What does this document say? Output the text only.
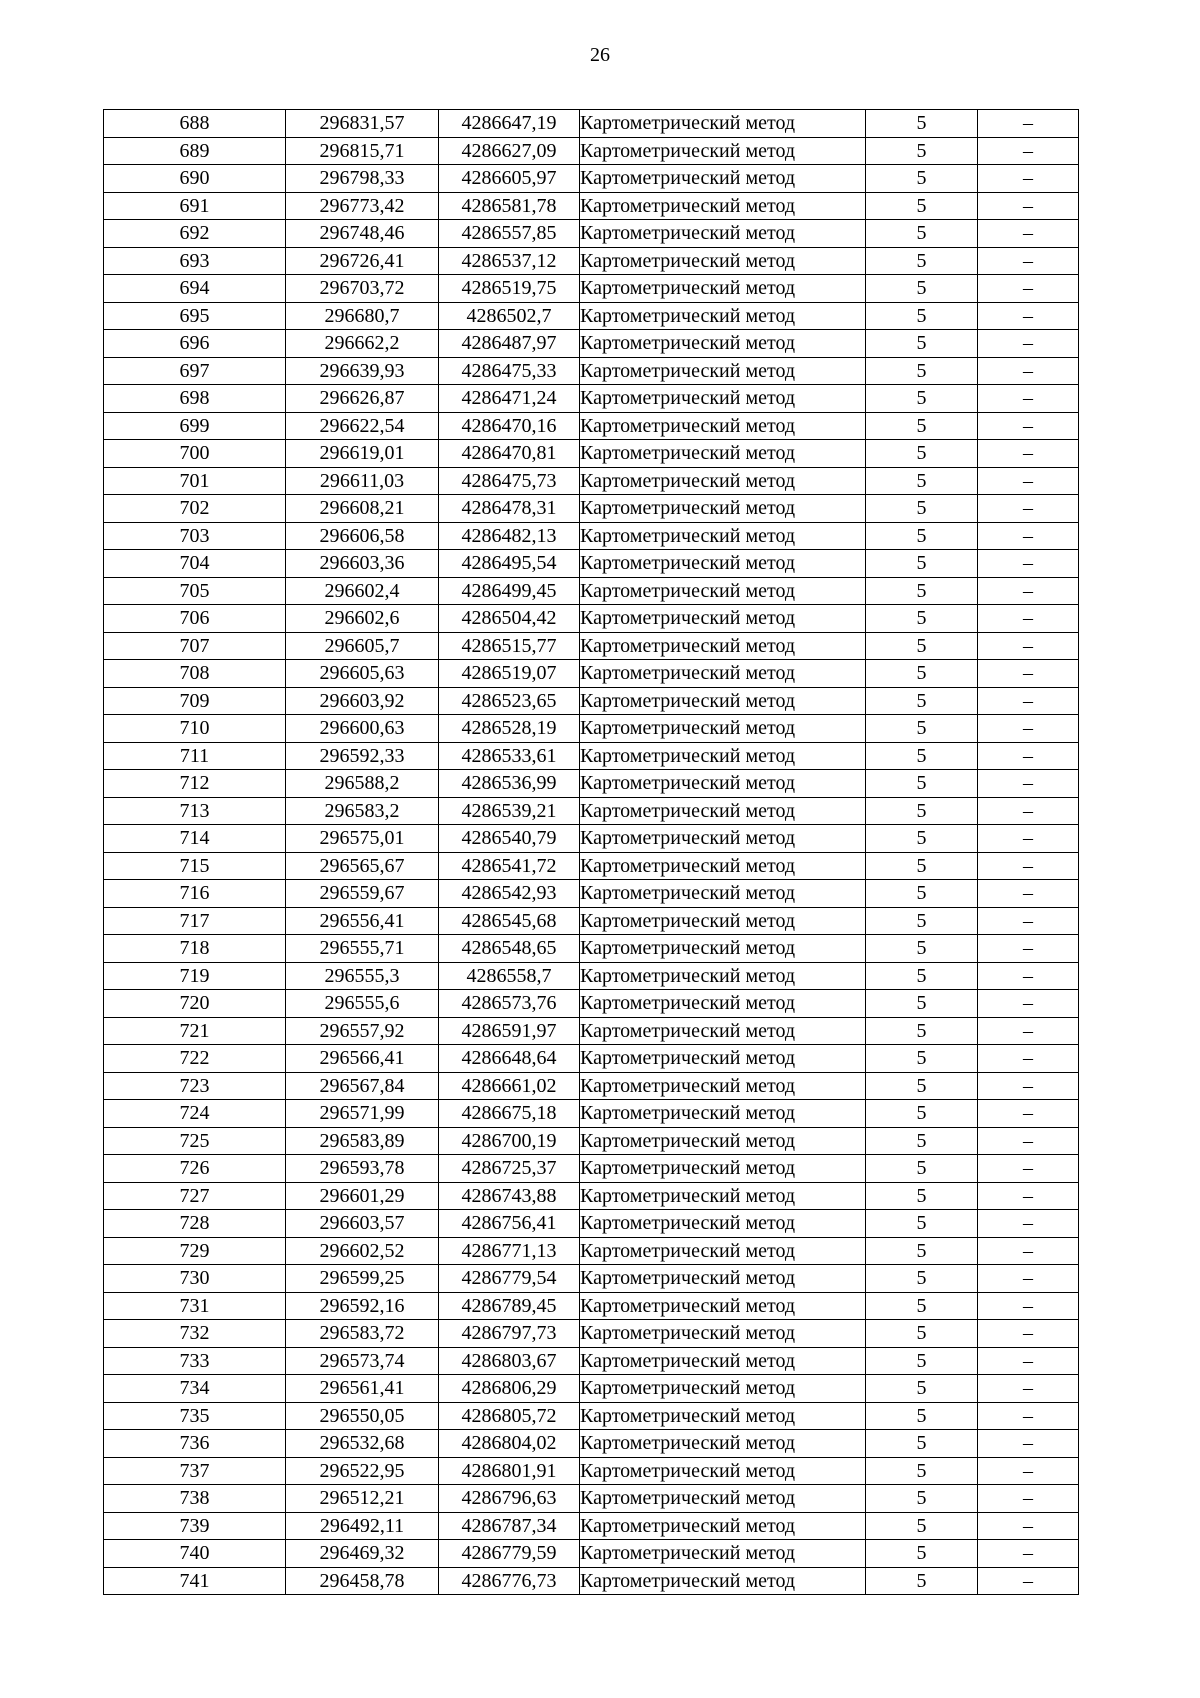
26
688	296831,57	4286647,19	Картометрический метод	5	–
689	296815,71	4286627,09	Картометрический метод	5	–
690	296798,33	4286605,97	Картометрический метод	5	–
691	296773,42	4286581,78	Картометрический метод	5	–
692	296748,46	4286557,85	Картометрический метод	5	–
693	296726,41	4286537,12	Картометрический метод	5	–
694	296703,72	4286519,75	Картометрический метод	5	–
695	296680,7	4286502,7	Картометрический метод	5	–
696	296662,2	4286487,97	Картометрический метод	5	–
697	296639,93	4286475,33	Картометрический метод	5	–
698	296626,87	4286471,24	Картометрический метод	5	–
699	296622,54	4286470,16	Картометрический метод	5	–
700	296619,01	4286470,81	Картометрический метод	5	–
701	296611,03	4286475,73	Картометрический метод	5	–
702	296608,21	4286478,31	Картометрический метод	5	–
703	296606,58	4286482,13	Картометрический метод	5	–
704	296603,36	4286495,54	Картометрический метод	5	–
705	296602,4	4286499,45	Картометрический метод	5	–
706	296602,6	4286504,42	Картометрический метод	5	–
707	296605,7	4286515,77	Картометрический метод	5	–
708	296605,63	4286519,07	Картометрический метод	5	–
709	296603,92	4286523,65	Картометрический метод	5	–
710	296600,63	4286528,19	Картометрический метод	5	–
711	296592,33	4286533,61	Картометрический метод	5	–
712	296588,2	4286536,99	Картометрический метод	5	–
713	296583,2	4286539,21	Картометрический метод	5	–
714	296575,01	4286540,79	Картометрический метод	5	–
715	296565,67	4286541,72	Картометрический метод	5	–
716	296559,67	4286542,93	Картометрический метод	5	–
717	296556,41	4286545,68	Картометрический метод	5	–
718	296555,71	4286548,65	Картометрический метод	5	–
719	296555,3	4286558,7	Картометрический метод	5	–
720	296555,6	4286573,76	Картометрический метод	5	–
721	296557,92	4286591,97	Картометрический метод	5	–
722	296566,41	4286648,64	Картометрический метод	5	–
723	296567,84	4286661,02	Картометрический метод	5	–
724	296571,99	4286675,18	Картометрический метод	5	–
725	296583,89	4286700,19	Картометрический метод	5	–
726	296593,78	4286725,37	Картометрический метод	5	–
727	296601,29	4286743,88	Картометрический метод	5	–
728	296603,57	4286756,41	Картометрический метод	5	–
729	296602,52	4286771,13	Картометрический метод	5	–
730	296599,25	4286779,54	Картометрический метод	5	–
731	296592,16	4286789,45	Картометрический метод	5	–
732	296583,72	4286797,73	Картометрический метод	5	–
733	296573,74	4286803,67	Картометрический метод	5	–
734	296561,41	4286806,29	Картометрический метод	5	–
735	296550,05	4286805,72	Картометрический метод	5	–
736	296532,68	4286804,02	Картометрический метод	5	–
737	296522,95	4286801,91	Картометрический метод	5	–
738	296512,21	4286796,63	Картометрический метод	5	–
739	296492,11	4286787,34	Картометрический метод	5	–
740	296469,32	4286779,59	Картометрический метод	5	–
741	296458,78	4286776,73	Картометрический метод	5	–
